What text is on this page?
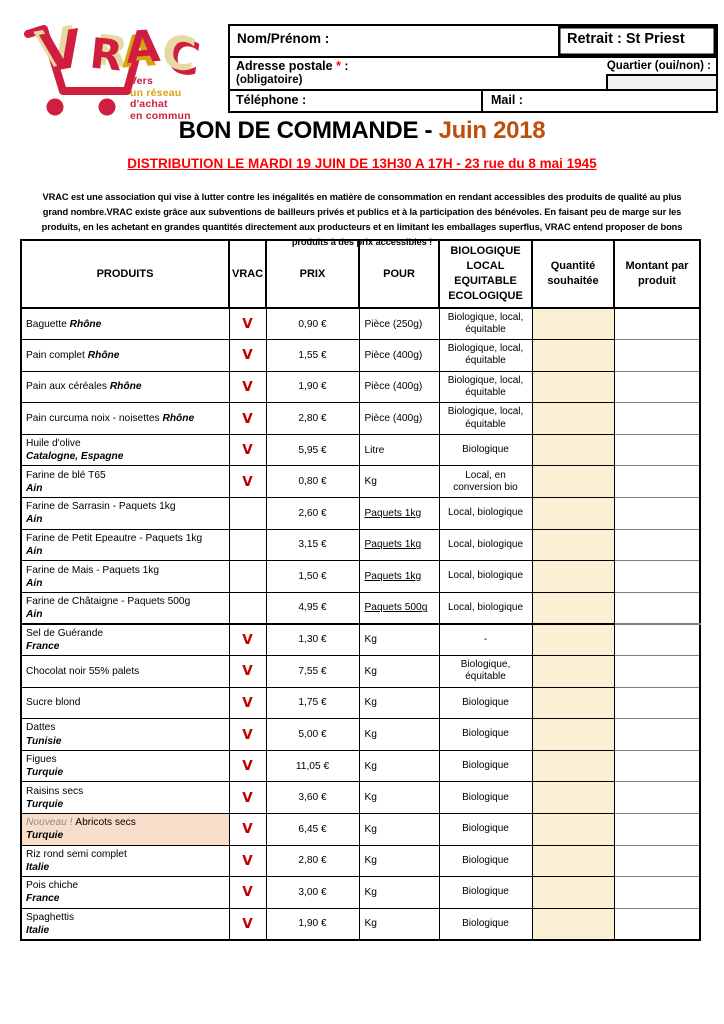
V R A
C
Vers
un réseau
d'achat
en commun
Nom/Prénom :	Retrait : St Priest
Adresse postale * :
(obligatoire)
Quartier (oui/non) :
Téléphone :	Mail :
BON DE COMMANDE - Juin 2018
DISTRIBUTION LE MARDI 19 JUIN DE 13H30 A 17H - 23 rue du 8 mai 1945

VRAC est une association qui vise à lutter contre les inégalités en matière de consommation en rendant accessibles des produits de qualité au plus grand nombre.VRAC existe grâce aux subventions de bailleurs privés et publics et à la participation des bénévoles. En faisant peu de marge sur les produits, en les achetant en grandes quantités directement aux producteurs et en limitant les emballages superflus, VRAC entend proposer de bons produits à des prix accessibles !

PRODUITS	VRAC	PRIX	POUR	BIOLOGIQUE LOCAL EQUITABLE ECOLOGIQUE	Quantité souhaitée	Montant par produit
Baguette Rhône	V	0,90 €	Pièce (250g)	Biologique, local, équitable		
Pain complet Rhône	V	1,55 €	Pièce (400g)	Biologique, local, équitable		
Pain aux céréales Rhône	V	1,90 €	Pièce (400g)	Biologique, local, équitable		
Pain curcuma noix - noisettes Rhône	V	2,80 €	Pièce (400g)	Biologique, local, équitable		
Huile d'olive
Catalogne, Espagne	V	5,95 €	Litre	Biologique		
Farine de blé T65
Ain	V	0,80 €	Kg	Local, en conversion bio		
Farine de Sarrasin - Paquets 1kg
Ain		2,60 €	Paquets 1kg	Local, biologique		
Farine de Petit Epeautre - Paquets 1kg
Ain		3,15 €	Paquets 1kg	Local, biologique		
Farine de Mais - Paquets 1kg
Ain		1,50 €	Paquets 1kg	Local, biologique		
Farine de Châtaigne - Paquets 500g
Ain		4,95 €	Paquets 500g	Local, biologique		
Sel de Guérande
France	V	1,30 €	Kg	-		
Chocolat noir 55% palets	V	7,55 €	Kg	Biologique, équitable		
Sucre blond	V	1,75 €	Kg	Biologique		
Dattes
Tunisie	V	5,00 €	Kg	Biologique		
Figues
Turquie	V	11,05 €	Kg	Biologique		
Raisins secs
Turquie	V	3,60 €	Kg	Biologique		
Nouveau ! Abricots secs
Turquie	V	6,45 €	Kg	Biologique		
Riz rond semi complet
Italie	V	2,80 €	Kg	Biologique		
Pois chiche
France	V	3,00 €	Kg	Biologique		
Spaghettis
Italie	V	1,90 €	Kg	Biologique		
